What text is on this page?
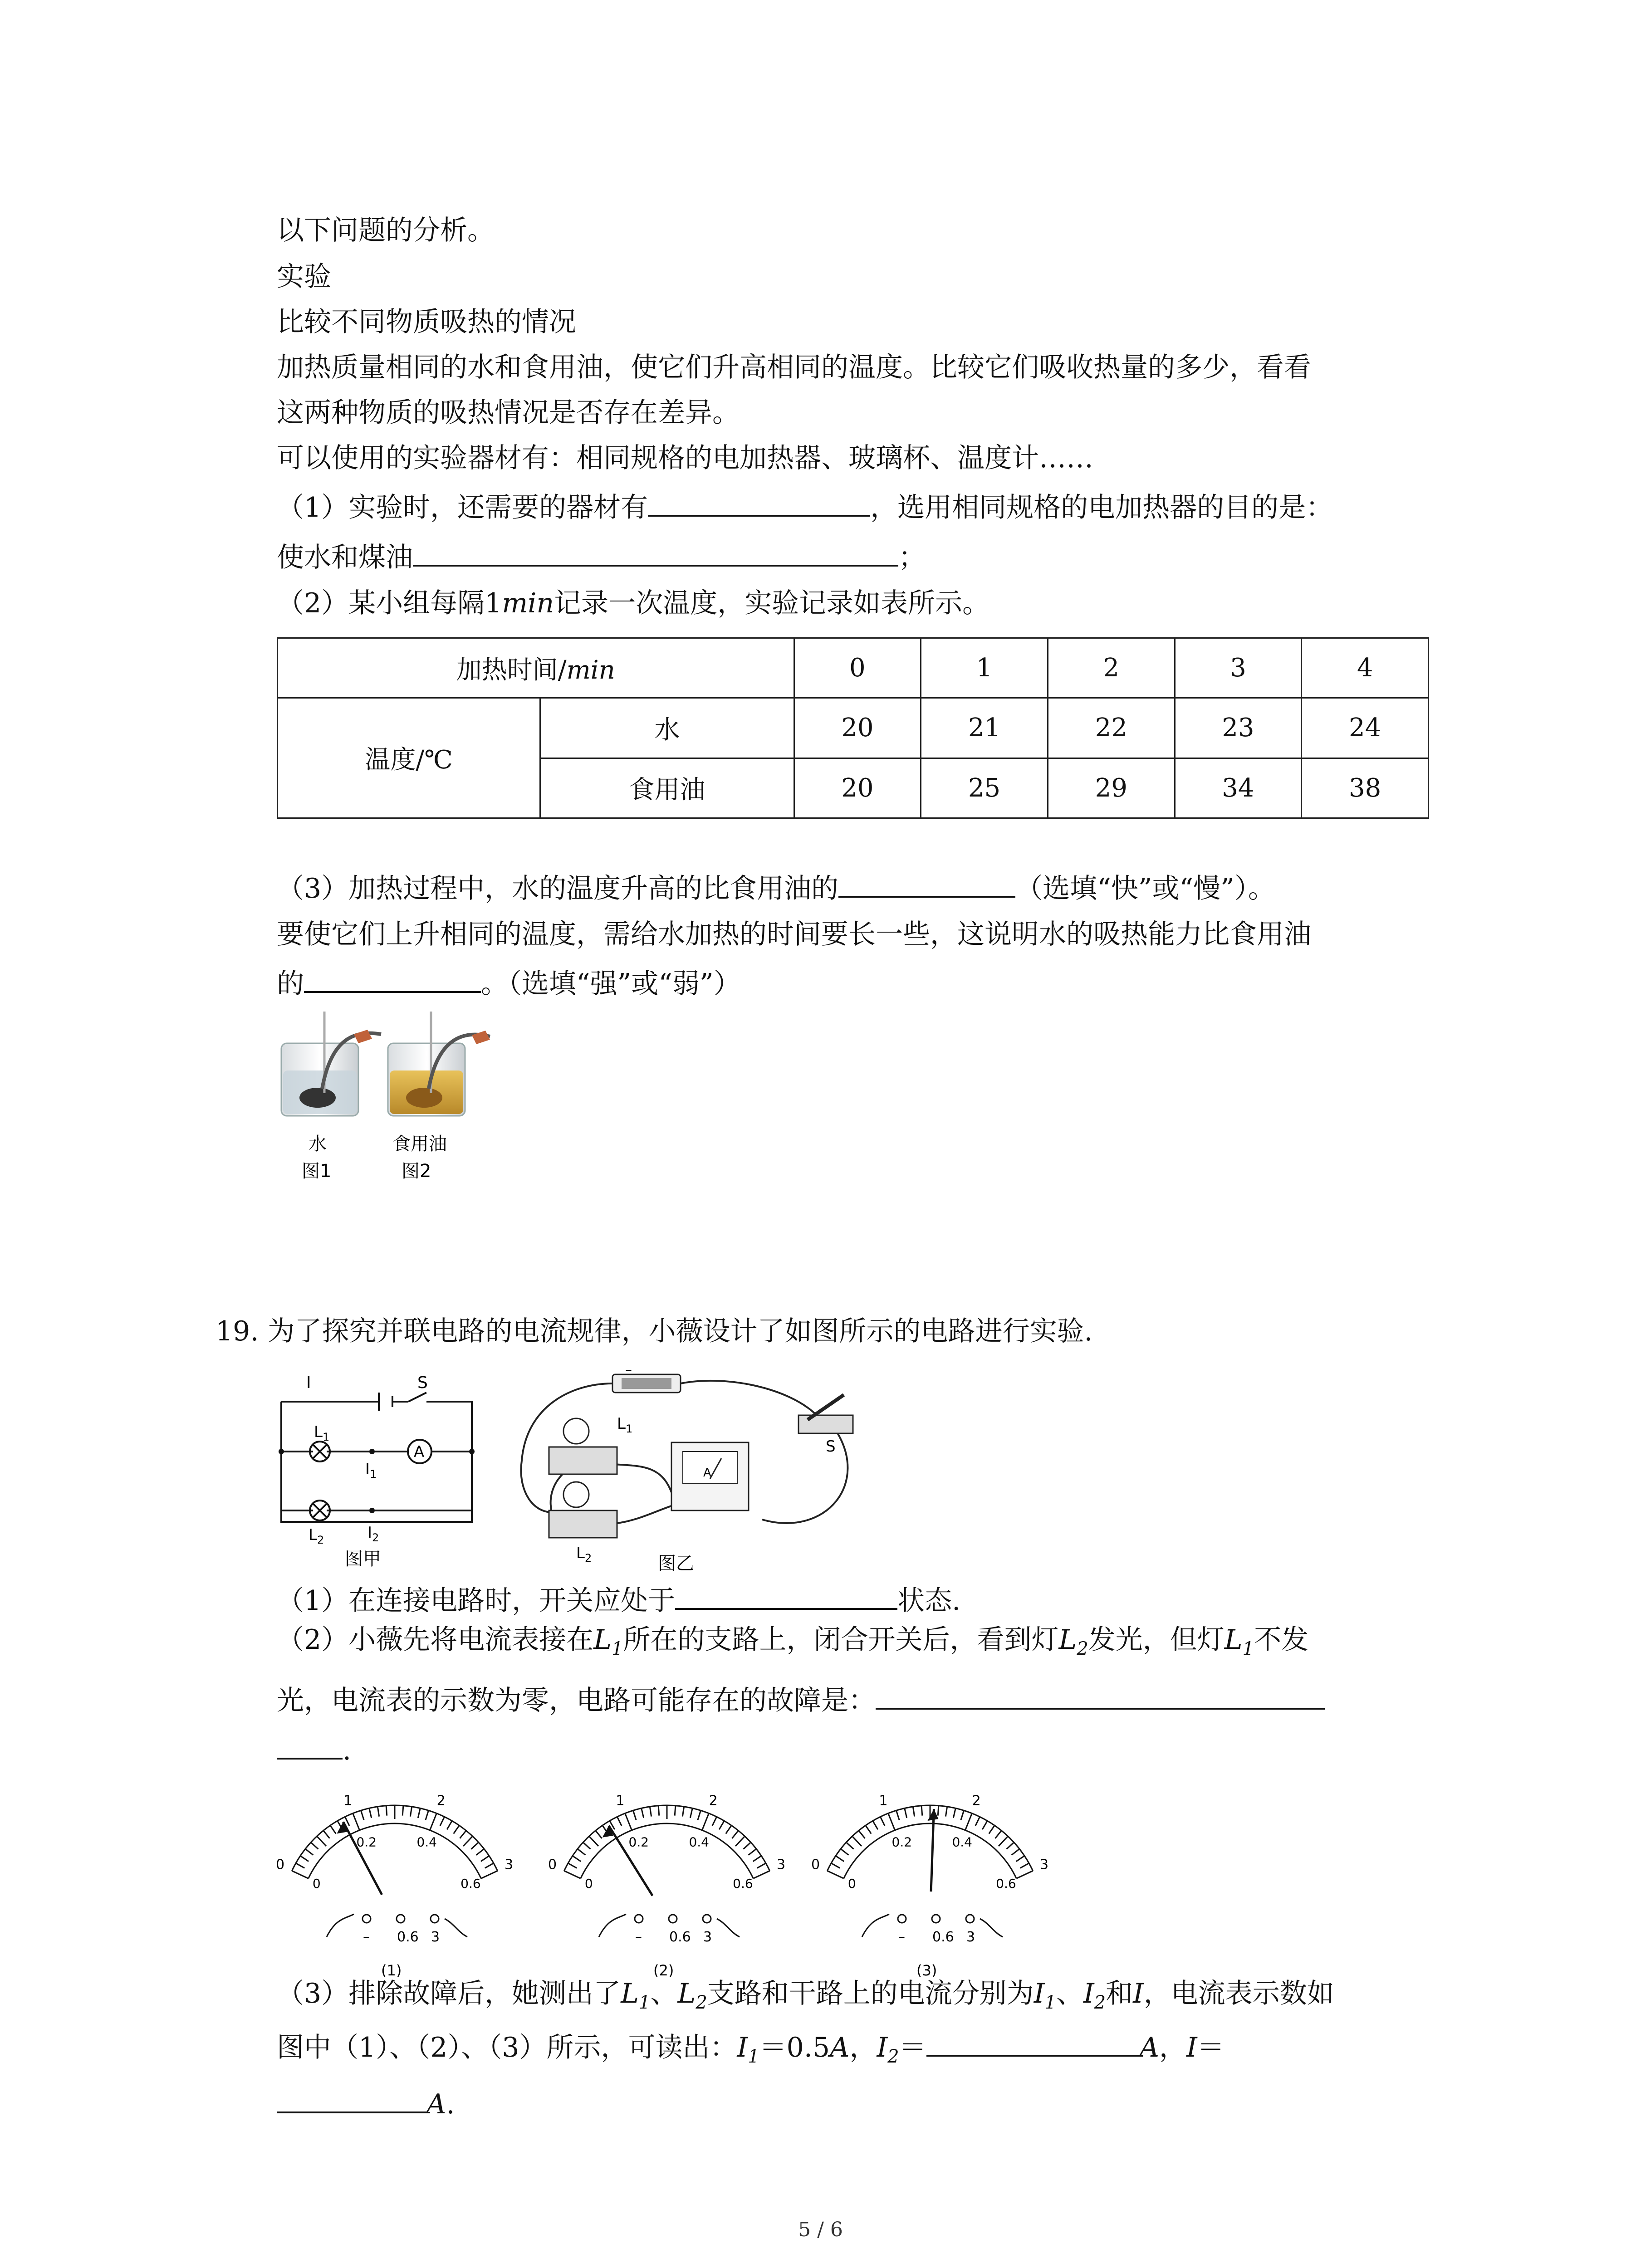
以下问题的分析。
实验
比较不同物质吸热的情况
加热质量相同的水和食用油，使它们升高相同的温度。比较它们吸收热量的多少，看看
这两种物质的吸热情况是否存在差异。
可以使用的实验器材有：相同规格的电加热器、玻璃杯、温度计……
（1）实验时，还需要的器材有	，选用相同规格的电加热器的目的是：
使水和煤油	；
（2）某小组每隔1min记录一次温度，实验记录如表所示。
加热时间/min		0	1	2	3	4
温度/℃	水	20	21	22	23	24
	食用油	20	25	29	34	38
（3）加热过程中，水的温度升高的比食用油的	（选填“快”或“慢”）。
要使它们上升相同的温度，需给水加热的时间要长一些，这说明水的吸热能力比食用油
的	。（选填“强”或“弱”）
水	食用油
图1	图2
19. 为了探究并联电路的电流规律，小薇设计了如图所示的电路进行实验.
I	S
$L_1$
$I_1$
A
$I_2$
$L_2$
图甲
–
$L_1$
$L_2$
A
S
图乙
（1）在连接电路时，开关应处于	状态.
（2）小薇先将电流表接在$L_1$所在的支路上，闭合开关后，看到灯$L_2$发光，但灯$L_1$不发
光，电流表的示数为零，电路可能存在的故障是：
.
0
1	2
3
0
0.2	0.4
0.6
– 0.6 3
(1)
0
1	2
3
0
0.2	0.4
0.6
– 0.6 3
(2)
0
1	2
3
0
0.2	0.4
0.6
– 0.6 3
(3)
（3）排除故障后，她测出了$L_1$、$L_2$支路和干路上的电流分别为$I_1$、$I_2$和I，电流表示数如
图中（1）、（2）、（3）所示，可读出：$I_1=0.5A$，$I_2=$	A，I＝
A.
5 / 6
